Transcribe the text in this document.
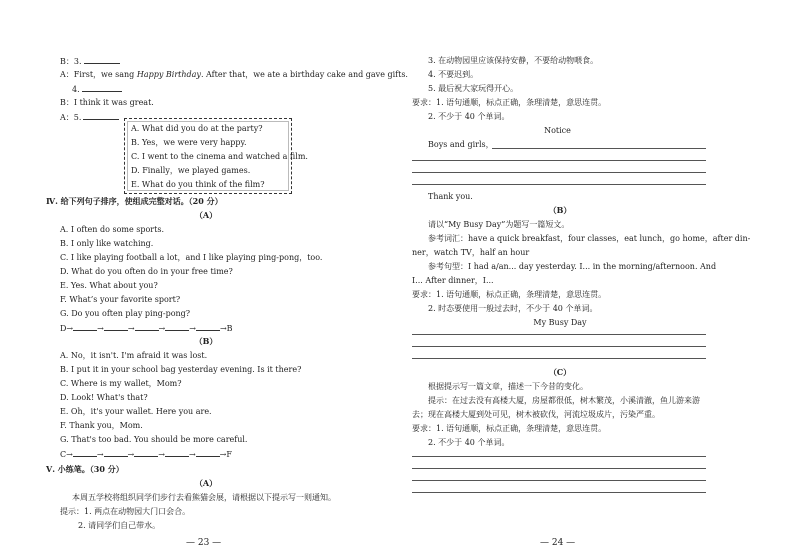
B：3.
A：First，we sang Happy Birthday. After that，we ate a birthday cake and gave gifts.
4.
B：I think it was great.
A：5.
A. What did you do at the party?
B. Yes，we were very happy.
C. I went to the cinema and watched a film.
D. Finally，we played games.
E. What do you think of the film?
Ⅳ. 给下列句子排序，使组成完整对话。（20 分）
（A）
A. I often do some sports.
B. I only like watching.
C. I like playing football a lot，and I like playing ping-pong，too.
D. What do you often do in your free time?
E. Yes. What about you?
F. What’s your favorite sport?
G. Do you often play ping-pong?
D→	→	→	→	→	→B
（B）
A. No，it isn't. I'm afraid it was lost.
B. I put it in your school bag yesterday evening. Is it there?
C. Where is my wallet，Mom?
D. Look! What's that?
E. Oh，it's your wallet. Here you are.
F. Thank you，Mom.
G. That's too bad. You should be more careful.
C→	→	→	→	→	→F
Ⅴ. 小练笔。（30 分）
（A）
本周五学校将组织同学们步行去看熊猫会展，请根据以下提示写一则通知。
提示：1. 两点在动物园大门口会合。
2. 请同学们自己带水。
— 23 —
3. 在动物园里应该保持安静，不要给动物喂食。
4. 不要迟到。
5. 最后祝大家玩得开心。
要求：1. 语句通顺，标点正确，条理清楚，意思连贯。
2. 不少于 40 个单词。
Notice
Boys and girls，
Thank you.
（B）
请以“My Busy Day”为题写一篇短文。
参考词汇：have a quick breakfast，four classes，eat lunch，go home，after din-
ner，watch TV，half an hour
参考句型：I had a/an... day yesterday. I... in the morning/afternoon. And
I... After dinner，I...
要求：1. 语句通顺，标点正确，条理清楚，意思连贯。
2. 时态要使用一般过去时，不少于 40 个单词。
My Busy Day
（C）
根据提示写一篇文章，描述一下今昔的变化。
提示：在过去没有高楼大厦，房屋都很低，树木繁茂，小溪清澈，鱼儿游来游
去；现在高楼大厦到处可见，树木被砍伐，河流垃圾成片，污染严重。
要求：1. 语句通顺，标点正确，条理清楚，意思连贯。
2. 不少于 40 个单词。
— 24 —
